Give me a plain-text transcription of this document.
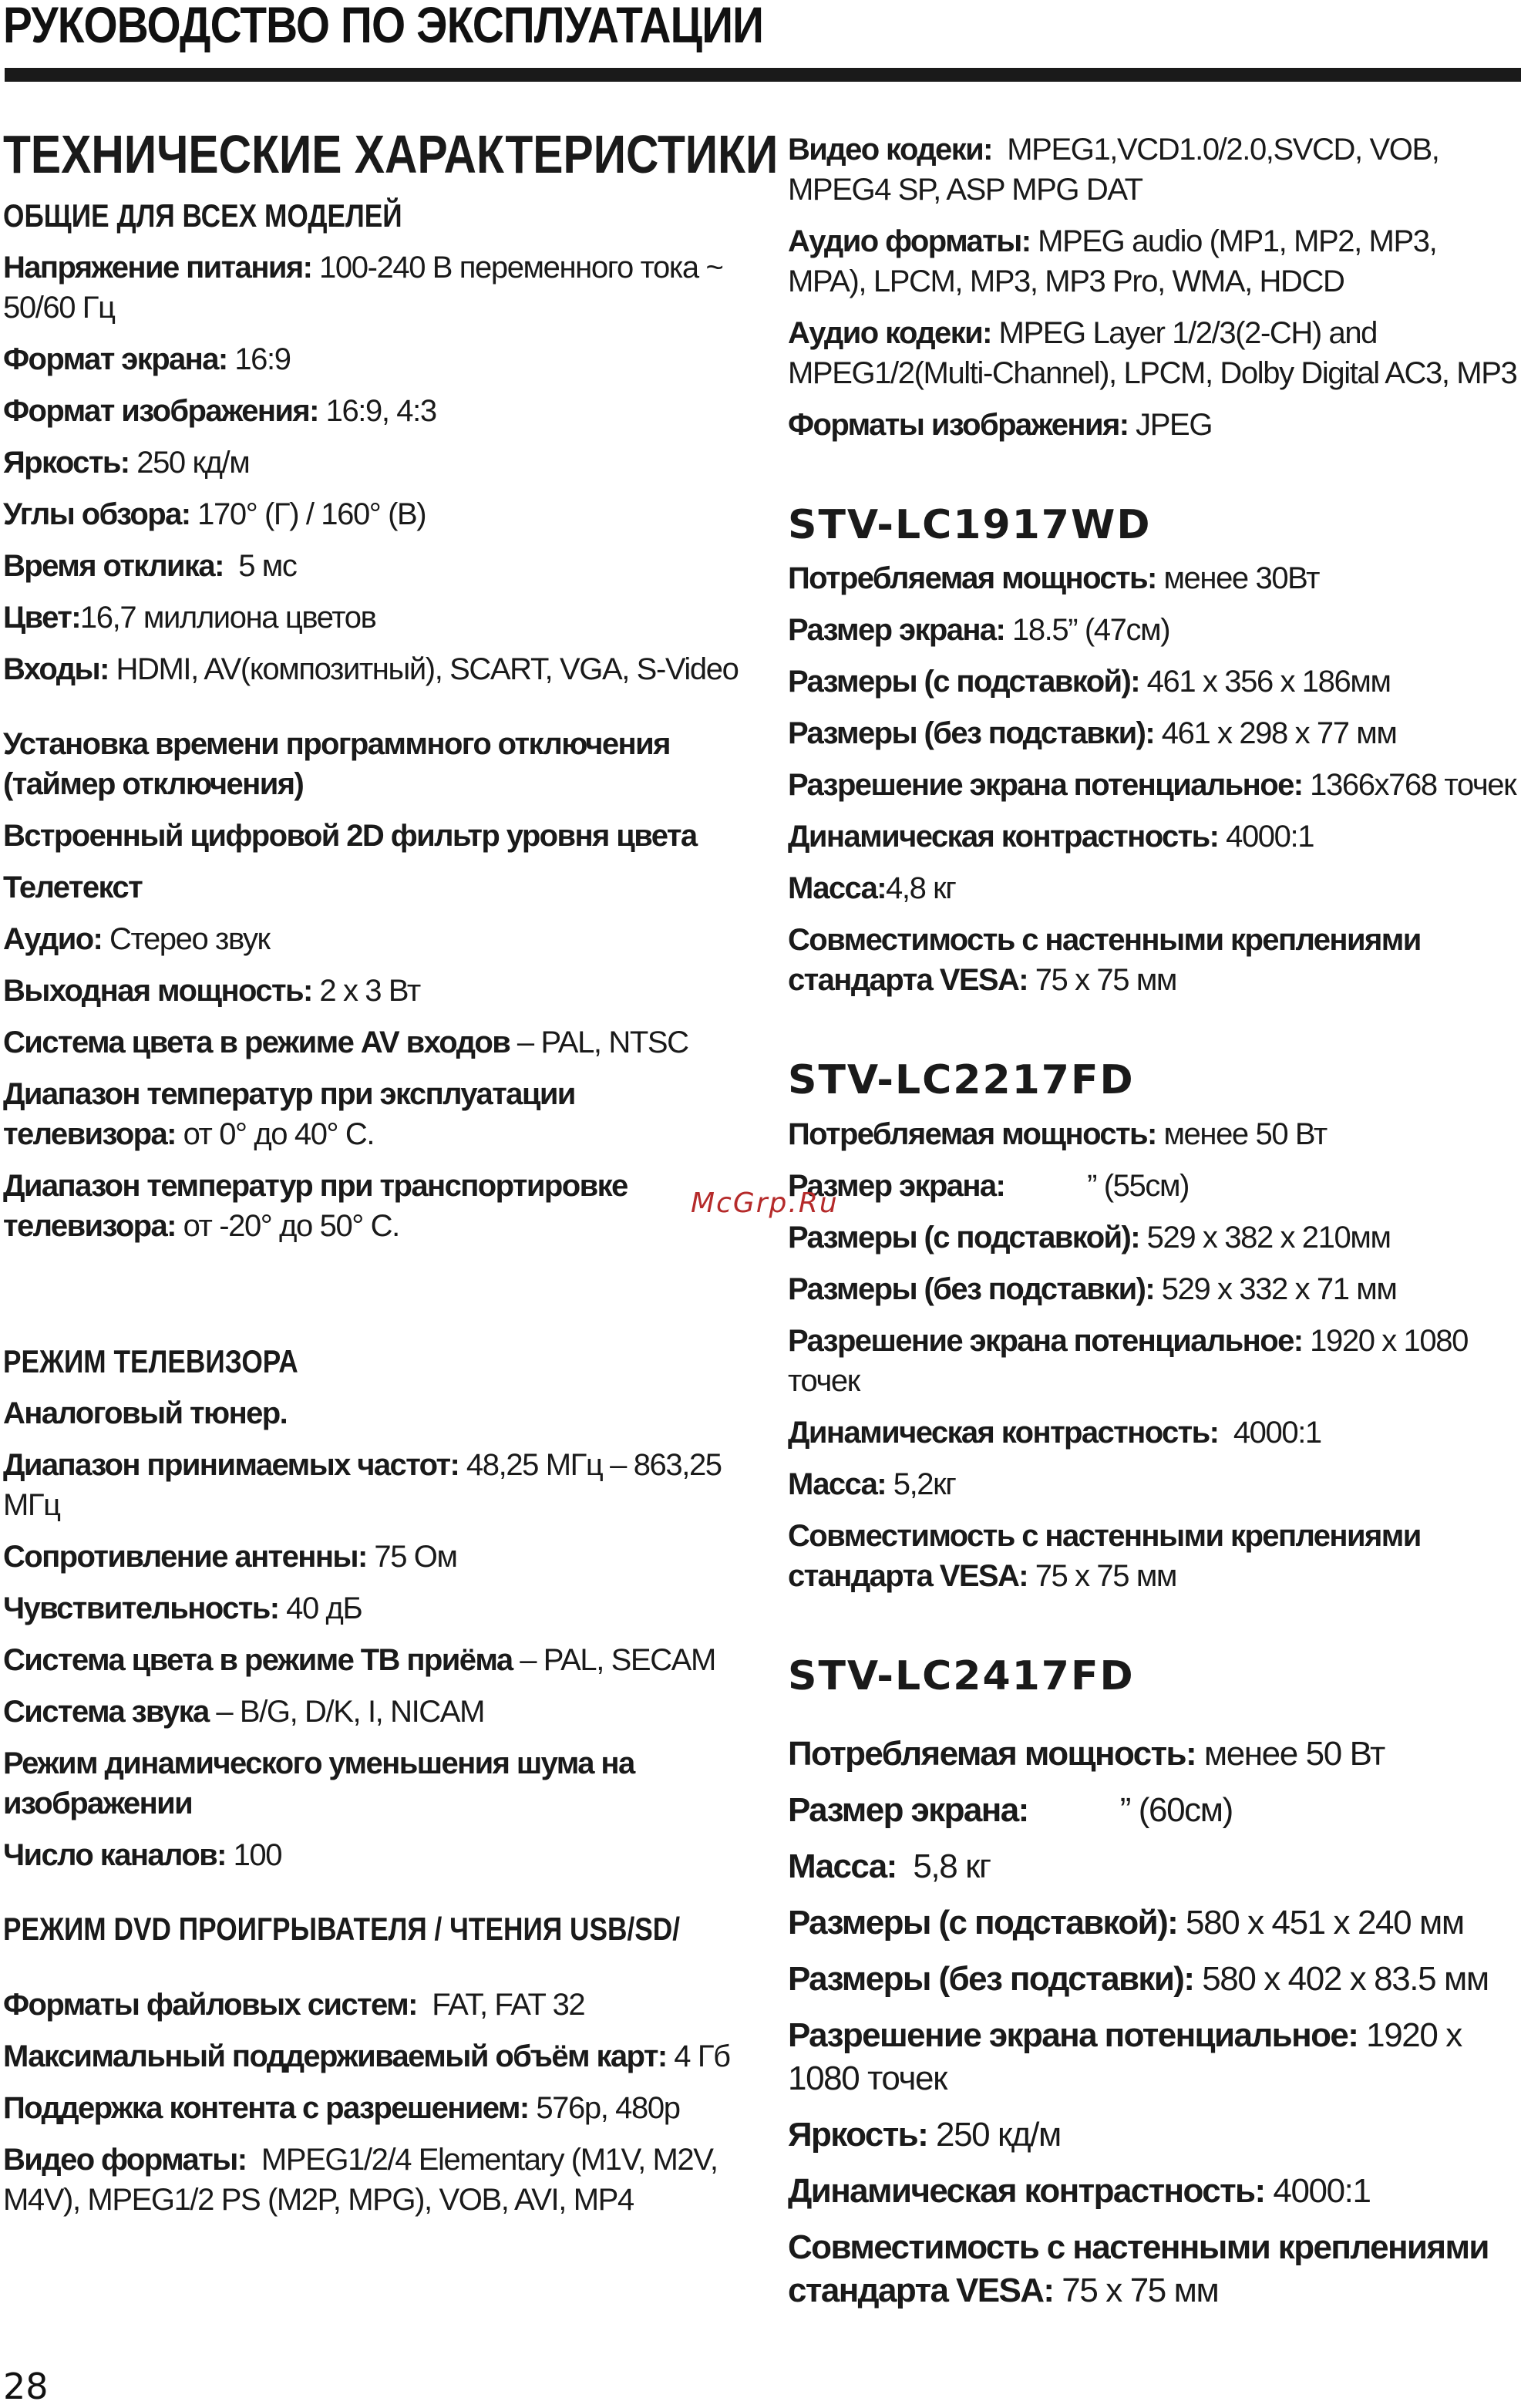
РУКОВОДСТВО ПО ЭКСПЛУАТАЦИИ
ТЕХНИЧЕСКИЕ ХАРАКТЕРИСТИКИ
ОБЩИЕ ДЛЯ ВСЕХ МОДЕЛЕЙ

Напряжение питания: 100-240 В переменного тока ~ 50/60 Гц

Формат экрана: 16:9

Формат изображения: 16:9, 4:3

Яркость: 250 кд/м

Углы обзора: 170° (Г) / 160° (В)

Время отклика:  5 мс

Цвет:16,7 миллиона цветов

Входы: HDMI, AV(композитный), SCART, VGA, S-Video

Установка времени программного отключения (таймер отключения)

Встроенный цифровой 2D фильтр уровня цвета

Телетекст

Аудио: Стерео звук

Выходная мощность: 2 х 3 Вт

Система цвета в режиме AV входов – PAL, NTSC

Диапазон температур при эксплуатации телевизора: от 0° до 40° С.

Диапазон температур при транспортировке телевизора: от -20° до 50° С.

РЕЖИМ ТЕЛЕВИЗОРА

Аналоговый тюнер.

Диапазон принимаемых частот: 48,25 МГц – 863,25 МГц

Сопротивление антенны: 75 Ом

Чувствительность: 40 дБ

Система цвета в режиме ТВ приёма – PAL, SECAM

Система звука – B/G, D/K, I, NICAM

Режим динамического уменьшения шума на изображении

Число каналов: 100

РЕЖИМ DVD ПРОИГРЫВАТЕЛЯ / ЧТЕНИЯ USB/SD/

Форматы файловых систем:  FAT, FAT 32

Максимальный поддерживаемый объём карт: 4 Гб

Поддержка контента с разрешением: 576p, 480p

Видео форматы:  MPEG1/2/4 Elementary (M1V, M2V, M4V), MPEG1/2 PS (M2P, MPG), VOB, AVI, MP4

Видео кодеки:  MPEG1,VCD1.0/2.0,SVCD, VOB, MPEG4 SP, ASP MPG DAT

Аудио форматы: MPEG audio (MP1, MP2, MP3, MPA), LPCM, MP3, MP3 Pro, WMA, HDCD

Аудио кодеки: MPEG Layer 1/2/3(2-CH) and MPEG1/2(Multi-Channel), LPCM, Dolby Digital AC3, MP3

Форматы изображения: JPEG

STV-LC1917WD

Потребляемая мощность: менее 30Вт

Размер экрана: 18.5” (47см)

Размеры (с подставкой): 461 x 356 x 186мм

Размеры (без подставки): 461 x 298 x 77 мм

Разрешение экрана потенциальное: 1366x768 точек

Динамическая контрастность: 4000:1

Масса:4,8 кг

Совместимость с настенными креплениями стандарта VESA: 75 х 75 мм

STV-LC2217FD

Потребляемая мощность: менее 50 Вт

Размер экрана:           ” (55см)

Размеры (с подставкой): 529 x 382 x 210мм

Размеры (без подставки): 529 x 332 x 71 мм

Разрешение экрана потенциальное: 1920 x 1080 точек

Динамическая контрастность:  4000:1

Масса: 5,2кг

Совместимость с настенными креплениями стандарта VESA: 75 х 75 мм

STV-LC2417FD

Потребляемая мощность: менее 50 Вт

Размер экрана:           ” (60см)

Масса:  5,8 кг

Размеры (с подставкой): 580 x 451 x 240 мм

Размеры (без подставки): 580 x 402 x 83.5 мм

Разрешение экрана потенциальное: 1920 х 1080 точек

Яркость: 250 кд/м

Динамическая контрастность: 4000:1

Совместимость с настенными креплениями стандарта VESA: 75 х 75 мм

McGrp.Ru
28
